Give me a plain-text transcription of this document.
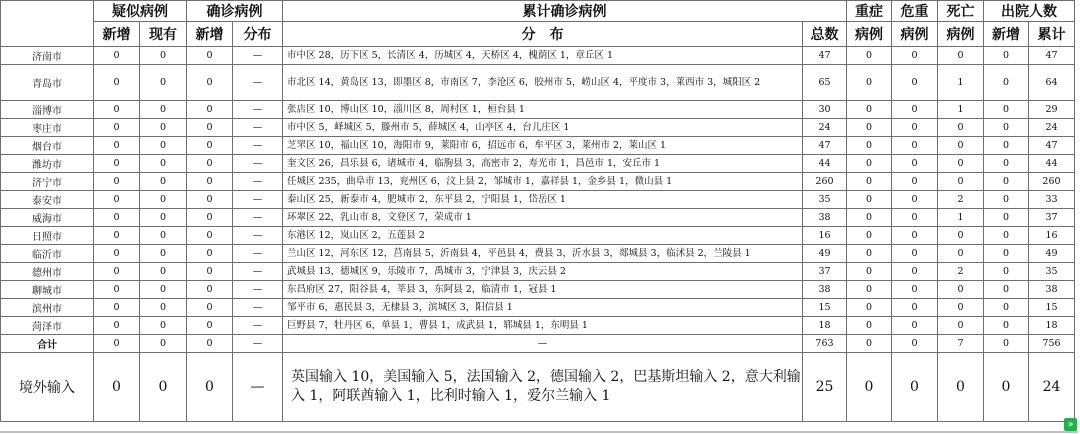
	疑似病例		确诊病例		累计确诊病例		重症	危重	死亡	出院人数	
	新增	现有	新增	分布	分　布	总数	病例	病例	病例	新增	累计
济南市	0	0	0	—	市中区 28，历下区 5，长清区 4，历城区 4，天桥区 4，槐荫区 1，章丘区 1	47	0	0	0	0	47
青岛市	0	0	0	—	市北区 14，黄岛区 13，即墨区 8，市南区 7，李沧区 6，胶州市 5，崂山区 4，平度市 3，莱西市 3，城阳区 2	65	0	0	1	0	64
淄博市	0	0	0	—	张店区 10，博山区 10，淄川区 8，周村区 1，桓台县 1	30	0	0	1	0	29
枣庄市	0	0	0	—	市中区 5，峄城区 5，滕州市 5，薛城区 4，山亭区 4，台儿庄区 1	24	0	0	0	0	24
烟台市	0	0	0	—	芝罘区 10，福山区 10，海阳市 9，莱阳市 6，招远市 6，牟平区 3，莱州市 2，莱山区 1	47	0	0	0	0	47
潍坊市	0	0	0	—	奎文区 26，昌乐县 6，诸城市 4，临朐县 3，高密市 2，寿光市 1，昌邑市 1，安丘市 1	44	0	0	0	0	44
济宁市	0	0	0	—	任城区 235，曲阜市 13，兖州区 6，汶上县 2，邹城市 1，嘉祥县 1，金乡县 1，微山县 1	260	0	0	0	0	260
泰安市	0	0	0	—	泰山区 25，新泰市 4，肥城市 2，东平县 2，宁阳县 1，岱岳区 1	35	0	0	2	0	33
威海市	0	0	0	—	环翠区 22，乳山市 8，文登区 7，荣成市 1	38	0	0	1	0	37
日照市	0	0	0	—	东港区 12，岚山区 2，五莲县 2	16	0	0	0	0	16
临沂市	0	0	0	—	兰山区 12，河东区 12，莒南县 5，沂南县 4，平邑县 4，费县 3，沂水县 3，郯城县 3，临沭县 2，兰陵县 1	49	0	0	0	0	49
德州市	0	0	0	—	武城县 13，德城区 9，乐陵市 7，禹城市 3，宁津县 3，庆云县 2	37	0	0	2	0	35
聊城市	0	0	0	—	东昌府区 27，阳谷县 4，莘县 3，东阿县 2，临清市 1，冠县 1	38	0	0	0	0	38
滨州市	0	0	0	—	邹平市 6，惠民县 3，无棣县 3，滨城区 3，阳信县 1	15	0	0	0	0	15
菏泽市	0	0	0	—	巨野县 7，牡丹区 6，单县 1，曹县 1，成武县 1，郓城县 1，东明县 1	18	0	0	0	0	18
合计	0	0	0	—	—	763	0	0	7	0	756
境外输入	0	0	0	—	英国输入 10，美国输入 5，法国输入 2，德国输入 2，巴基斯坦输入 2，意大利输入 1，阿联酋输入 1，比利时输入 1，爱尔兰输入 1	25	0	0	0	0	24
»
